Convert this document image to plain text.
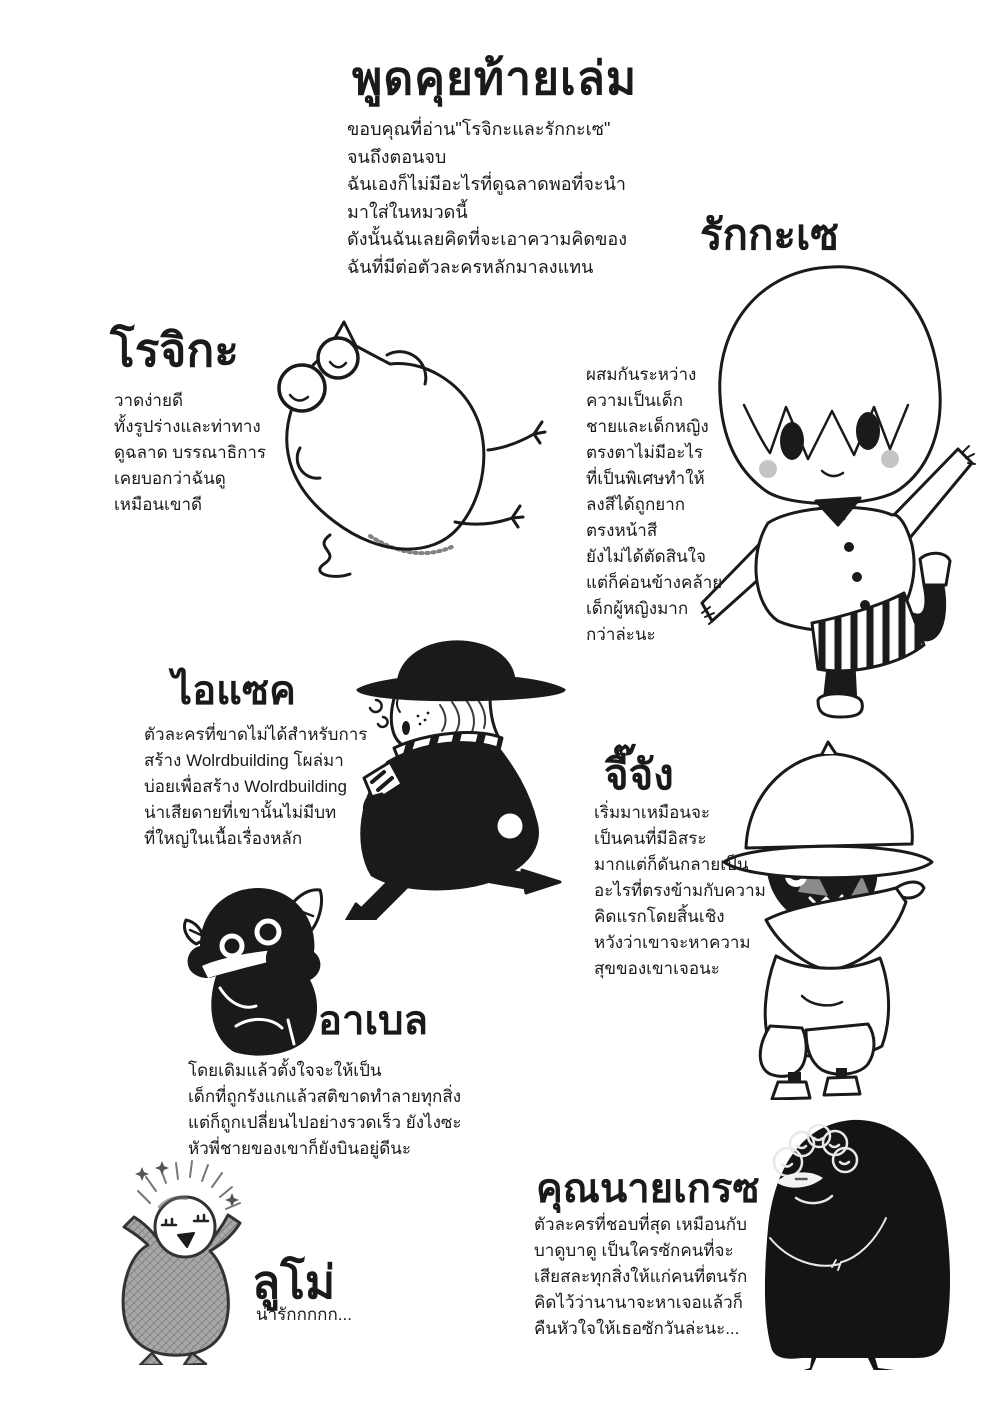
พูดคุยท้ายเล่ม
ขอบคุณที่อ่าน"โรจิกะและรักกะเซ"
จนถึงตอนจบ
ฉันเองก็ไม่มีอะไรที่ดูฉลาดพอที่จะนำ
มาใส่ในหมวดนี้
ดังนั้นฉันเลยคิดที่จะเอาความคิดของ
ฉันที่มีต่อตัวละครหลักมาลงแทน
รักกะเซ
ผสมกันระหว่าง
ความเป็นเด็ก
ชายและเด็กหญิง
ตรงตาไม่มีอะไร
ที่เป็นพิเศษทำให้
ลงสีได้ถูกยาก
ตรงหน้าสี
ยังไม่ได้ตัดสินใจ
แต่ก็ค่อนข้างคล้าย
เด็กผู้หญิงมาก
กว่าล่ะนะ
โรจิกะ
วาดง่ายดี
ทั้งรูปร่างและท่าทาง
ดูฉลาด บรรณาธิการ
เคยบอกว่าฉันดู
เหมือนเขาดี
ไอแซค
ตัวละครที่ขาดไม่ได้สำหรับการ
สร้าง Wolrdbuilding โผล่มา
บ่อยเพื่อสร้าง Wolrdbuilding
น่าเสียดายที่เขานั้นไม่มีบท
ที่ใหญ่ในเนื้อเรื่องหลัก
จี๊จัง
เริ่มมาเหมือนจะ
เป็นคนที่มีอิสระ
มากแต่ก็ดันกลายเป็น
อะไรที่ตรงข้ามกับความ
คิดแรกโดยสิ้นเชิง
หวังว่าเขาจะหาความ
สุขของเขาเจอนะ
อาเบล
โดยเดิมแล้วตั้งใจจะให้เป็น
เด็กที่ถูกรังแกแล้วสติขาดทำลายทุกสิ่ง
แต่ก็ถูกเปลี่ยนไปอย่างรวดเร็ว ยังไงซะ
หัวพี่ชายของเขาก็ยังบินอยู่ดีนะ
ลูโม่
น่ารักกกกก...
คุณนายเกรซ
ตัวละครที่ชอบที่สุด เหมือนกับ
บาดูบาดู เป็นใครซักคนที่จะ
เสียสละทุกสิ่งให้แก่คนที่ตนรัก
คิดไว้ว่านานาจะหาเจอแล้วก็
คืนหัวใจให้เธอซักวันล่ะนะ...
